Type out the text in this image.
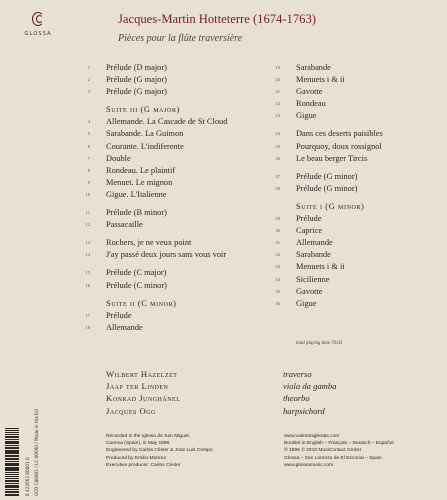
GLOSSA
Jacques-Martin Hotteterre (1674-1763)
Pièces pour la flûte traversière
1 Prélude (D major)
2 Prélude (G major)
3 Prélude (G major)
Suite iii (G major)
4 Allemande. La Cascade de St Cloud
5 Sarabande. La Guimon
6 Courante. L'indiferente
7 Double
8 Rondeau. Le plaintif
9 Menuet. Le mignon
10 Gigue. L'Italienne
11 Prélude (B minor)
12 Passacaille
13 Rochers, je ne veux point
14 J'ay passé deux jours sans vous voir
15 Prélude (C major)
16 Prélude (C minor)
Suite ii (C minor)
17 Prélude
18 Allemande
19 Sarabande
20 Menuets i & ii
21 Gavotte
22 Rondeau
23 Gigue
24 Dans ces deserts paisibles
25 Pourquoy, doux rossignol
26 Le beau berger Tircis
27 Prélude (G minor)
28 Prélude (G minor)
Suite i (G minor)
29 Prélude
30 Caprice
31 Allemande
32 Sarabande
33 Menuets i & ii
34 Sicilienne
35 Gavotte
36 Gigue
total playing time 76:03
Wilbert Hazelzet	traverso
Jaap ter Linden	viola da gamba
Konrad Junghänel	theorbo
Jacques Ogg	harpsichord
8 424562 80801 0 GCD C80801 / LC 00690 / Made in the EU	Recorded in the Iglesia de San Miguel,
Cuenca (Spain), in May 1996
Engineered by Carlos Céster & José Luis Crespo
Produced by Emilio Moreno
Executive producer: Carlos Céster
www.valentiniglesias.com
Booklet in English – Français – Deutsch – Español
℗ 1996 © 2010 MusiContact GmbH
Glossa – San Lorenzo de El Escorial – Spain
www.glossamusic.com
